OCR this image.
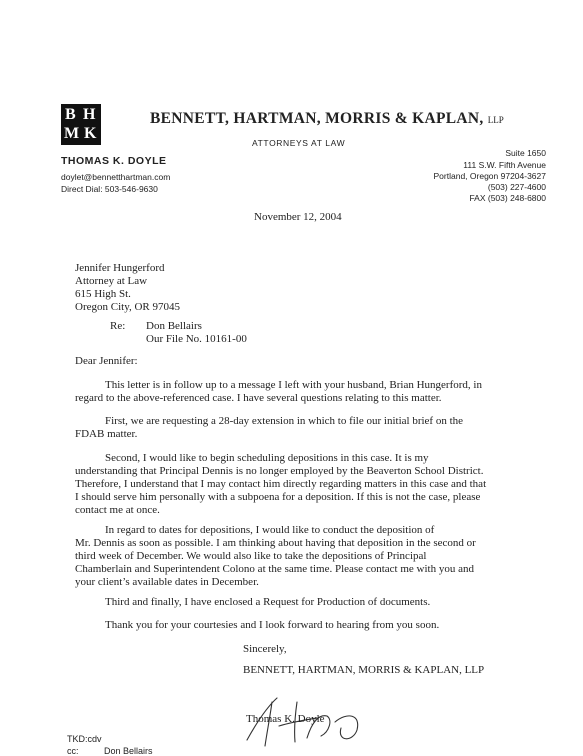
B H
M K
BENNETT, HARTMAN, MORRIS & KAPLAN, LLP
ATTORNEYS AT LAW
THOMAS K. DOYLE
doylet@bennetthartman.com
Direct Dial: 503-546-9630
Suite 1650
111 S.W. Fifth Avenue
Portland, Oregon 97204-3627
(503) 227-4600
FAX (503) 248-6800
November 12, 2004
Jennifer Hungerford
Attorney at Law
615 High St.
Oregon City, OR 97045
Re: Don Bellairs
Our File No. 10161-00
Dear Jennifer:
This letter is in follow up to a message I left with your husband, Brian Hungerford, in
regard to the above-referenced case. I have several questions relating to this matter.
First, we are requesting a 28-day extension in which to file our initial brief on the
FDAB matter.
Second, I would like to begin scheduling depositions in this case. It is my
understanding that Principal Dennis is no longer employed by the Beaverton School District.
Therefore, I understand that I may contact him directly regarding matters in this case and that
I should serve him personally with a subpoena for a deposition. If this is not the case, please
contact me at once.
In regard to dates for depositions, I would like to conduct the deposition of
Mr. Dennis as soon as possible. I am thinking about having that deposition in the second or
third week of December. We would also like to take the depositions of Principal
Chamberlain and Superintendent Colono at the same time. Please contact me with you and
your client’s available dates in December.
Third and finally, I have enclosed a Request for Production of documents.
Thank you for your courtesies and I look forward to hearing from you soon.
Sincerely,
BENNETT, HARTMAN, MORRIS & KAPLAN, LLP
Thomas K. Doyle
TKD:cdv
cc:	Don Bellairs
